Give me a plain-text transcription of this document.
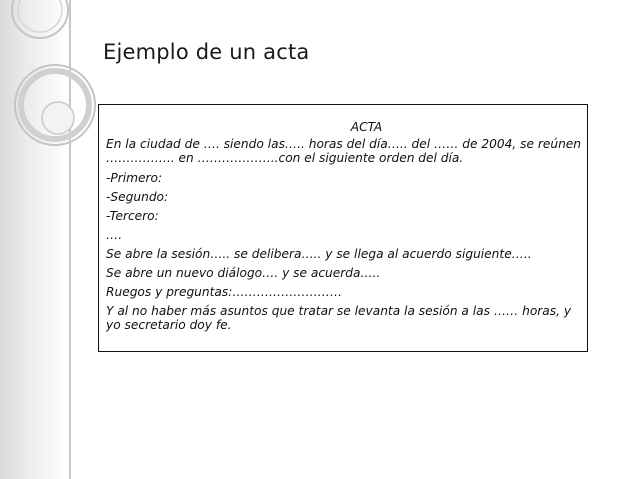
Ejemplo de un acta
ACTA
En la ciudad de …. siendo las….. horas del día….. del …… de 2004, se reúnen …………….. en ………………..con el siguiente orden del día.
-Primero:
-Segundo:
-Tercero:
….
Se abre la sesión….. se delibera….. y se llega al acuerdo siguiente…..
Se abre un nuevo diálogo…. y se acuerda.….
Ruegos y preguntas:………………………
Y al no haber más asuntos que tratar se levanta la sesión a las …… horas, y yo secretario doy fe.
